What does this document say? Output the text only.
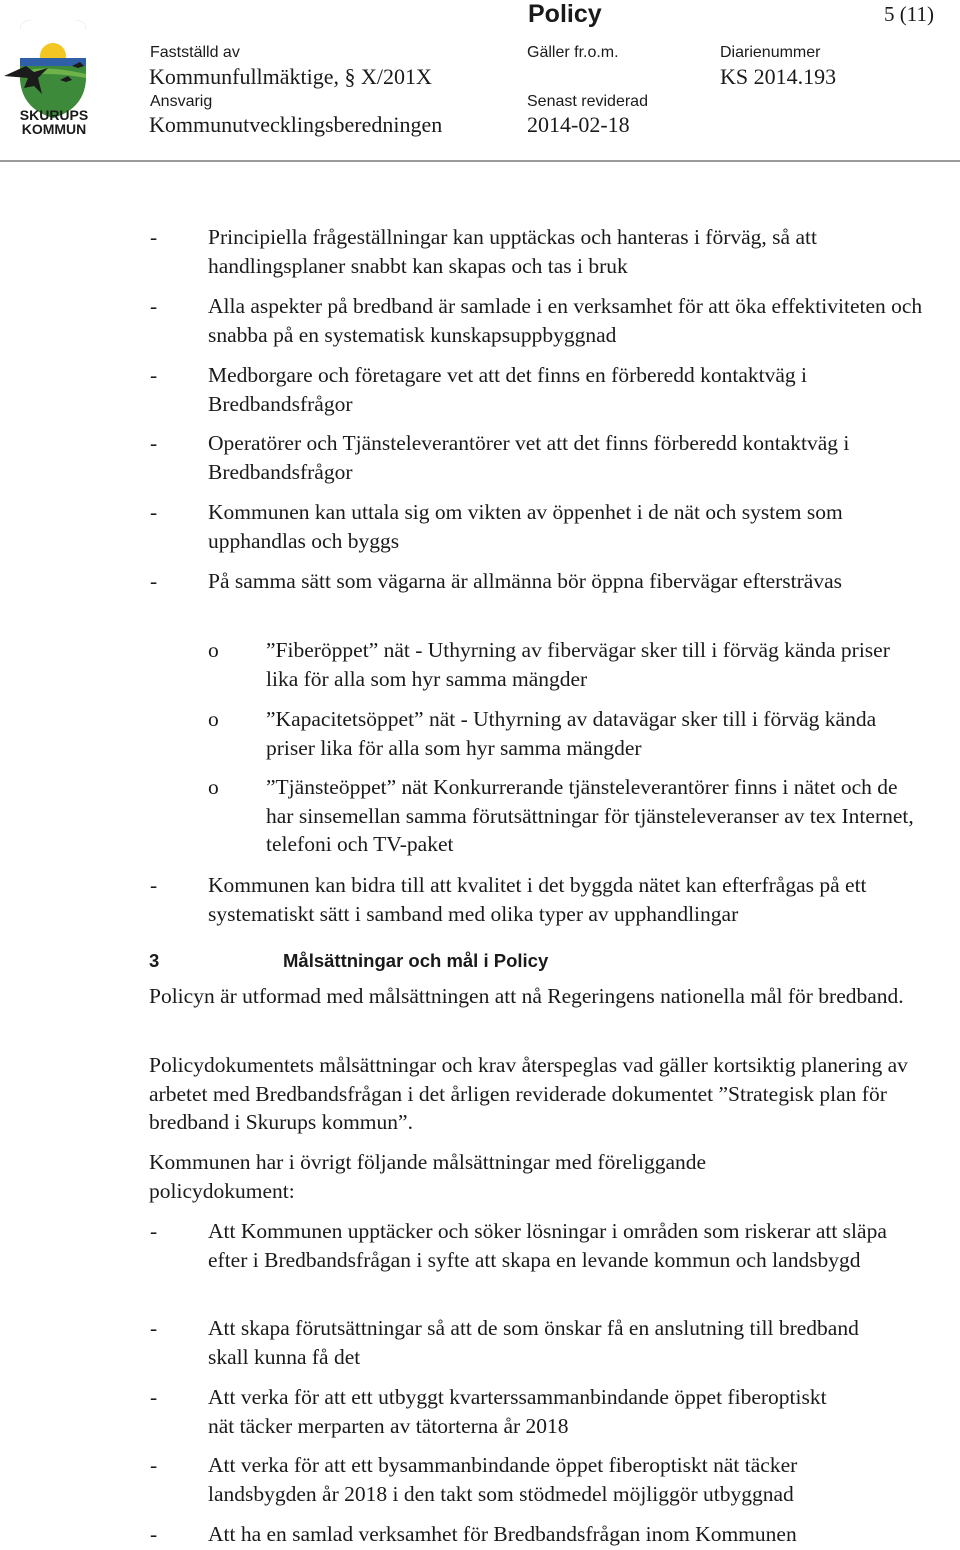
SKURUPS KOMMUN
Policy	5 (11)
Fastställd av	Gäller fr.o.m.	Diarienummer
Kommunfullmäktige, § X/201X	KS 2014.193
Ansvarig	Senast reviderad
Kommunutvecklingsberedningen	2014-02-18
- Principiella frågeställningar kan upptäckas och hanteras i förväg, så att handlingsplaner snabbt kan skapas och tas i bruk
- Alla aspekter på bredband är samlade i en verksamhet för att öka effektiviteten och snabba på en systematisk kunskapsuppbyggnad
- Medborgare och företagare vet att det finns en förberedd kontaktväg i Bredbandsfrågor
- Operatörer och Tjänsteleverantörer vet att det finns förberedd kontaktväg i Bredbandsfrågor
- Kommunen kan uttala sig om vikten av öppenhet i de nät och system som upphandlas och byggs
- På samma sätt som vägarna är allmänna bör öppna fibervägar eftersträvas
o ”Fiberöppet” nät - Uthyrning av fibervägar sker till i förväg kända priser lika för alla som hyr samma mängder
o ”Kapacitetsöppet” nät - Uthyrning av datavägar sker till i förväg kända priser lika för alla som hyr samma mängder
o ”Tjänsteöppet” nät Konkurrerande tjänsteleverantörer finns i nätet och de har sinsemellan samma förutsättningar för tjänsteleveranser av tex Internet, telefoni och TV-paket
- Kommunen kan bidra till att kvalitet i det byggda nätet kan efterfrågas på ett systematiskt sätt i samband med olika typer av upphandlingar
3	Målsättningar och mål i Policy
Policyn är utformad med målsättningen att nå Regeringens nationella mål för bredband.
Policydokumentets målsättningar och krav återspeglas vad gäller kortsiktig planering av arbetet med Bredbandsfrågan i det årligen reviderade dokumentet ”Strategisk plan för bredband i Skurups kommun”.
Kommunen har i övrigt följande målsättningar med föreliggande policydokument:
- Att Kommunen upptäcker och söker lösningar i områden som riskerar att släpa efter i Bredbandsfrågan i syfte att skapa en levande kommun och landsbygd
- Att skapa förutsättningar så att de som önskar få en anslutning till bredband skall kunna få det
- Att verka för att ett utbyggt kvarterssammanbindande öppet fiberoptiskt nät täcker merparten av tätorterna år 2018
- Att verka för att ett bysammanbindande öppet fiberoptiskt nät täcker landsbygden år 2018 i den takt som stödmedel möjliggör utbyggnad
- Att ha en samlad verksamhet för Bredbandsfrågan inom Kommunen
